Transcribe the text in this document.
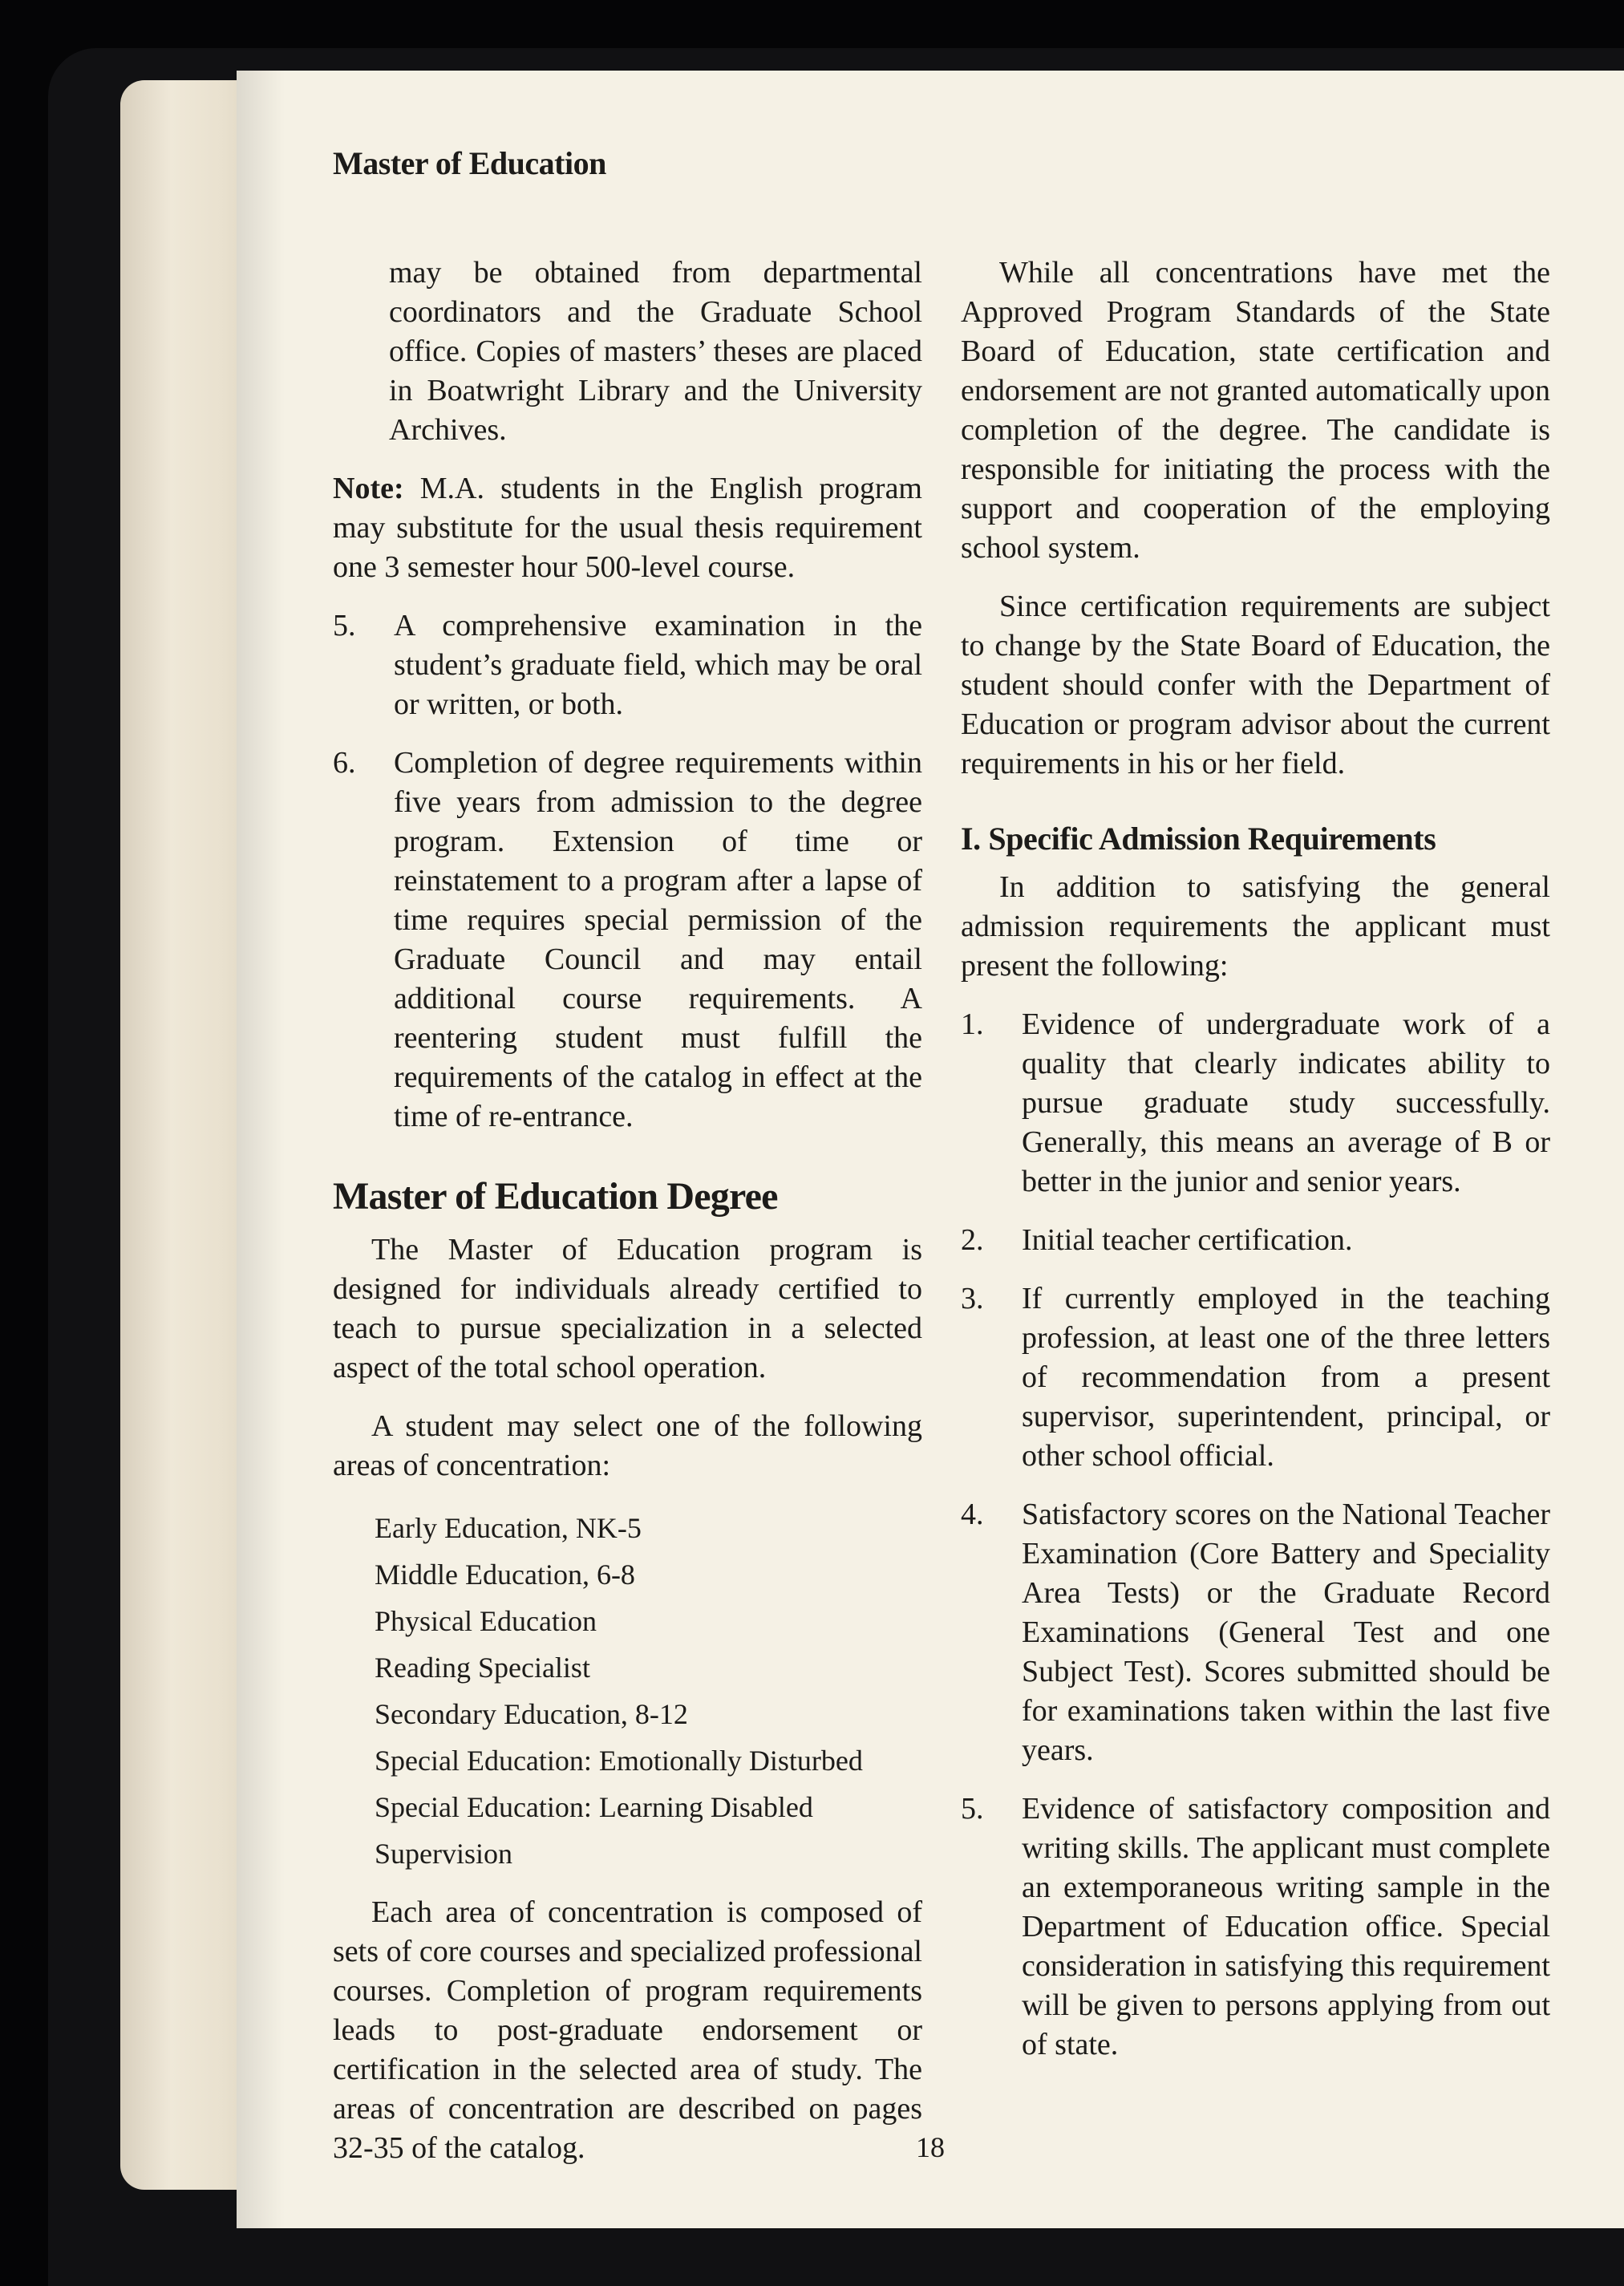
Master of Education

may be obtained from departmental coordinators and the Graduate School office. Copies of masters’ theses are placed in Boatwright Library and the University Archives.

Note: M.A. students in the English program may substitute for the usual thesis requirement one 3 semester hour 500-level course.

5.	A comprehensive examination in the student’s graduate field, which may be oral or written, or both.
6.	Completion of degree requirements within five years from admission to the degree program. Extension of time or reinstatement to a program after a lapse of time requires special permission of the Graduate Council and may entail additional course requirements. A reentering student must fulfill the requirements of the catalog in effect at the time of re-entrance.
Master of Education Degree

The Master of Education program is designed for individuals already certified to teach to pursue specialization in a selected aspect of the total school operation.

A student may select one of the following areas of concentration:

Early Education, NK-5
Middle Education, 6-8
Physical Education
Reading Specialist
Secondary Education, 8-12
Special Education: Emotionally Disturbed
Special Education: Learning Disabled
Supervision

Each area of concentration is composed of sets of core courses and specialized professional courses. Completion of program requirements leads to post-graduate endorsement or certification in the selected area of study. The areas of concentration are described on pages 32-35 of the catalog.

While all concentrations have met the Approved Program Standards of the State Board of Education, state certification and endorsement are not granted automatically upon completion of the degree. The candidate is responsible for initiating the process with the support and cooperation of the employing school system.

Since certification requirements are subject to change by the State Board of Education, the student should confer with the Department of Education or program advisor about the current requirements in his or her field.

I. Specific Admission Requirements

In addition to satisfying the general admission requirements the applicant must present the following:

1.	Evidence of undergraduate work of a quality that clearly indicates ability to pursue graduate study successfully. Generally, this means an average of B or better in the junior and senior years.
2.	Initial teacher certification.
3.	If currently employed in the teaching profession, at least one of the three letters of recommendation from a present supervisor, superintendent, principal, or other school official.
4.	Satisfactory scores on the National Teacher Examination (Core Battery and Speciality Area Tests) or the Graduate Record Examinations (General Test and one Subject Test). Scores submitted should be for examinations taken within the last five years.
5.	Evidence of satisfactory composition and writing skills. The applicant must complete an extemporaneous writing sample in the Department of Education office. Special consideration in satisfying this requirement will be given to persons applying from out of state.
18
